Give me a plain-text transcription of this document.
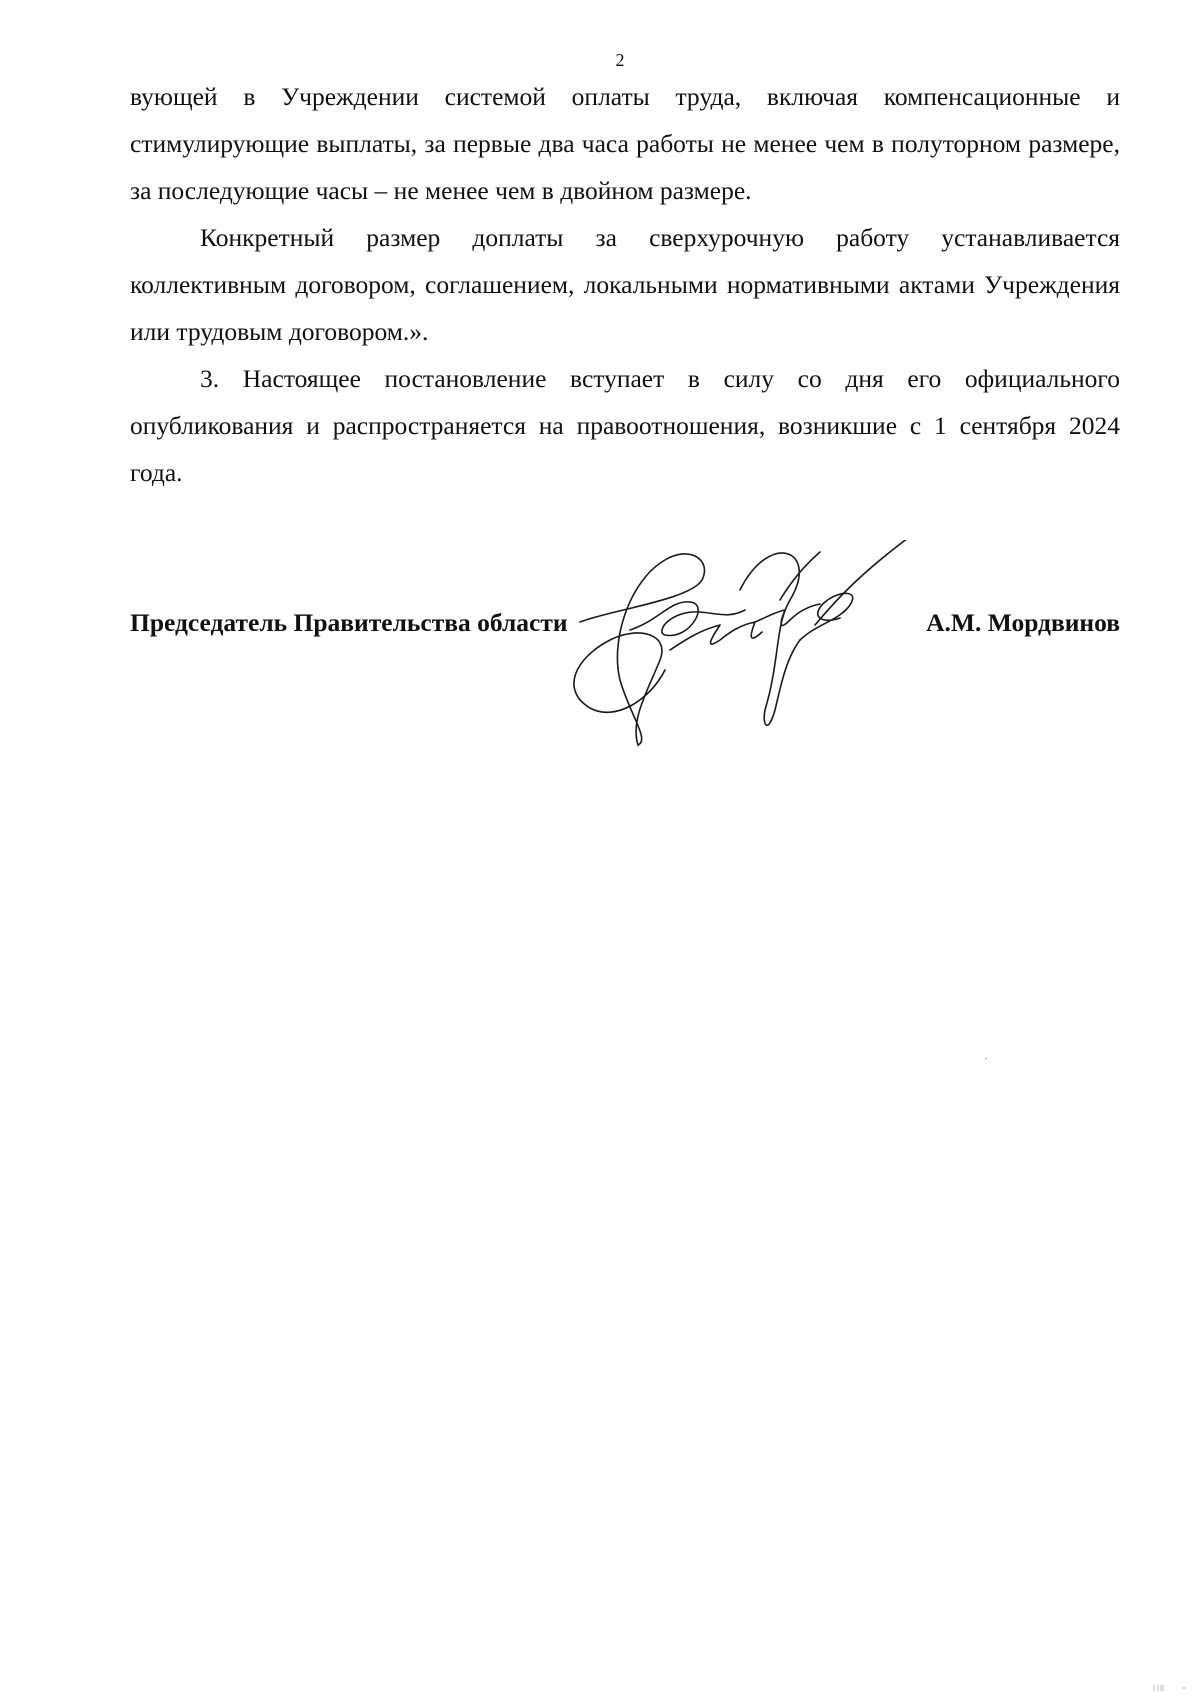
2

вующей в Учреждении системой оплаты труда, включая компенсационные и стимулирующие выплаты, за первые два часа работы не менее чем в полуторном размере, за последующие часы – не менее чем в двойном размере.

Конкретный размер доплаты за сверхурочную работу устанавливается коллективным договором, соглашением, локальными нормативными актами Учреждения или трудовым договором.».

3. Настоящее постановление вступает в силу со дня его официального опубликования и распространяется на правоотношения, возникшие с 1 сентября 2024 года.

Председатель Правительства области	А.М. Мордвинов
